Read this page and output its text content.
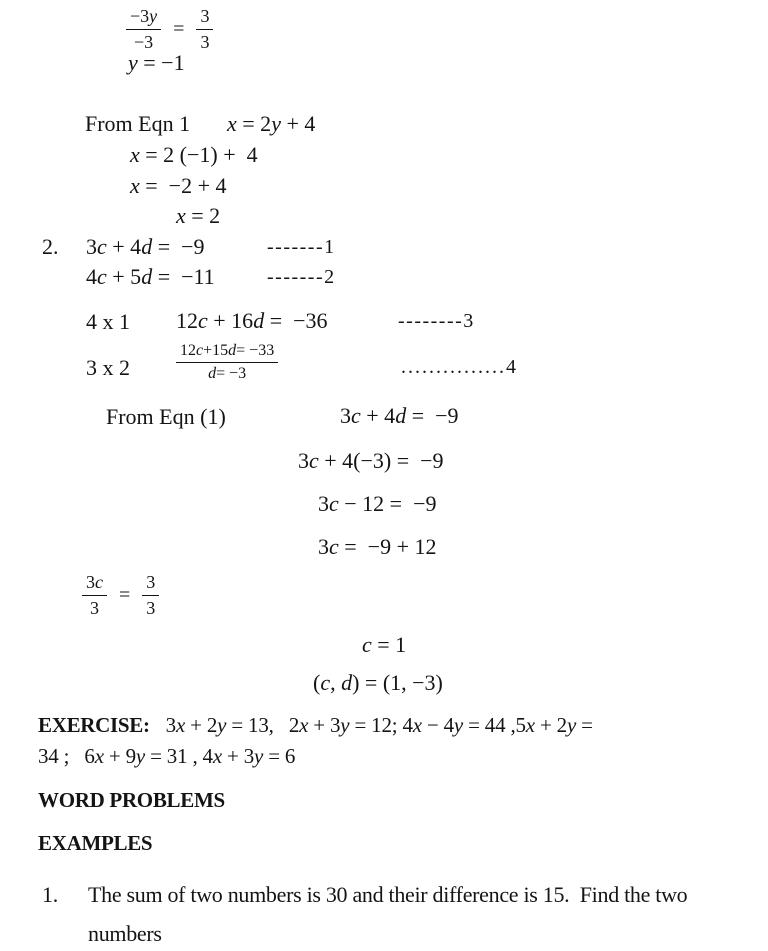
$\frac{-3y}{-3} = \frac{3}{3}$
y = −1
From Eqn 1 x = 2y + 4
x = 2 (−1) +  4
x =  −2 + 4
x = 2
2. 3c + 4d =  −9	-------1
4c + 5d =  −11	-------2
4 x 1 12c + 16d =  −36	--------3
3 x 2	$\frac{12c+15d= -33}{d= -3}$	...............4
From Eqn (1)	3c + 4d =  −9
3c + 4(−3) =  −9
3c − 12 =  −9
3c =  −9 + 12
$\frac{3c}{3} = \frac{3}{3}$
c = 1
(c, d) = (1, −3)
EXERCISE: 3x + 2y = 13,   2x + 3y = 12; 4x − 4y = 44 ,5x + 2y =
34 ;   6x + 9y = 31 , 4x + 3y = 6
WORD PROBLEMS
EXAMPLES
1. The sum of two numbers is 30 and their difference is 15.  Find the two
numbers
